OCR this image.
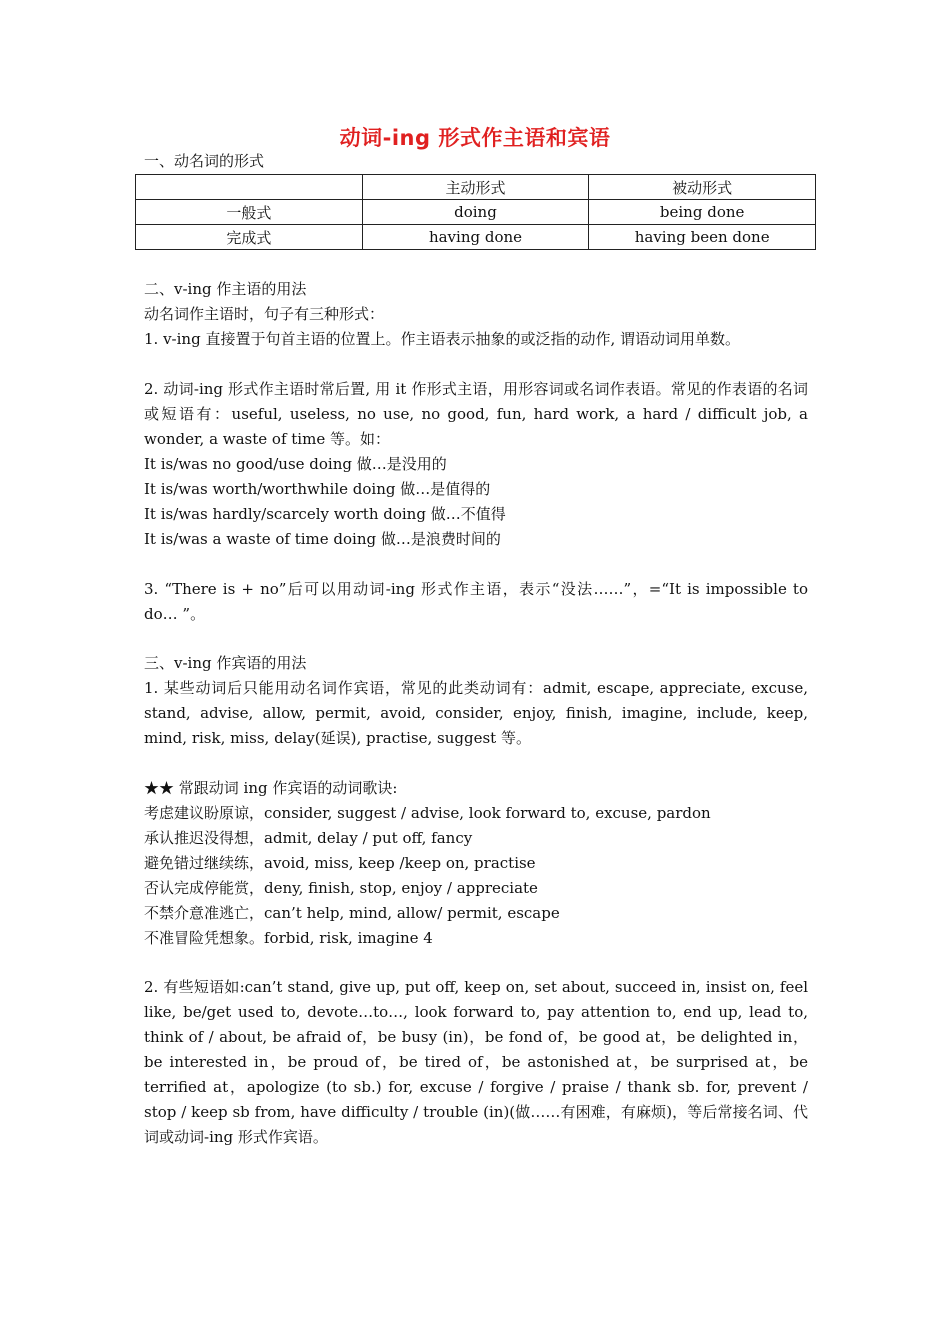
动词-ing 形式作主语和宾语
一、动名词的形式
	主动形式	被动形式
一般式	doing	being done
完成式	having done	having been done
二、v-ing 作主语的用法
动名词作主语时，句子有三种形式：
1. v-ing 直接置于句首主语的位置上。作主语表示抽象的或泛指的动作, 谓语动词用单数。
2. 动词-ing 形式作主语时常后置, 用 it 作形式主语，用形容词或名词作表语。常见的作表语的名词或短语有：useful, useless, no use, no good, fun, hard work, a hard / difficult job, a wonder, a waste of time 等。如：
It is/was no good/use doing 做…是没用的
It is/was worth/worthwhile doing 做…是值得的
It is/was hardly/scarcely worth doing 做…不值得
It is/was a waste of time doing 做…是浪费时间的
3. “There is + no”后可以用动词-ing 形式作主语，表示“没法……”，=“It is impossible to do… ”。
三、v-ing 作宾语的用法
1. 某些动词后只能用动名词作宾语，常见的此类动词有：admit, escape, appreciate, excuse, stand, advise, allow, permit, avoid, consider, enjoy, finish, imagine, include, keep, mind, risk, miss, delay(延误), practise, suggest 等。
★★ 常跟动词 ing 作宾语的动词歌诀:
考虑建议盼原谅，consider, suggest / advise, look forward to, excuse, pardon
承认推迟没得想，admit, delay / put off, fancy
避免错过继续练，avoid, miss, keep /keep on, practise
否认完成停能赏，deny, finish, stop, enjoy / appreciate
不禁介意准逃亡，can’t help, mind, allow/ permit, escape
不准冒险凭想象。forbid, risk, imagine 4
2. 有些短语如:can’t stand, give up, put off, keep on, set about, succeed in, insist on, feel like, be/get used to, devote…to…, look forward to, pay attention to, end up, lead to, think of / about, be afraid of，be busy (in)，be fond of，be good at，be delighted in，be interested in，be proud of，be tired of，be astonished at，be surprised at，be terrified at，apologize (to sb.) for, excuse / forgive / praise / thank sb. for, prevent / stop / keep sb from, have difficulty / trouble (in)(做……有困难，有麻烦)，等后常接名词、代词或动词-ing 形式作宾语。
